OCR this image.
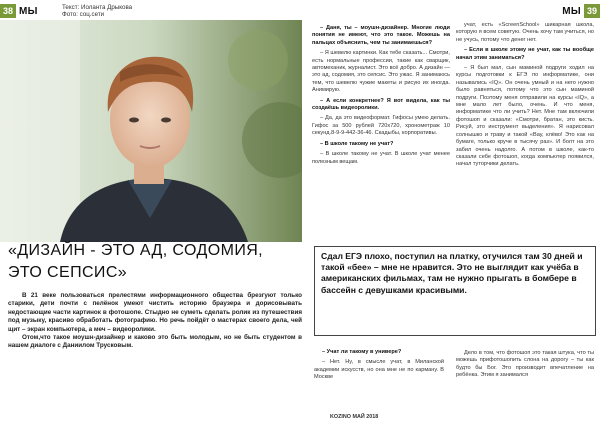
38 МЫ	Текст: Иоланта Дрыкова
Фото: соц.сети	МЫ 39
«ДИЗАЙН - ЭТО АД, СОДОМИЯ, ЭТО СЕПСИС»

В 21 веке пользоваться прелестями информационного общества брезгуют только старики, дети почти с пелёнок умеют чистить историю браузера и дорисовывать недостающие части картинок в фотошопе. Стыдно не суметь сделать ролик из путешествия под музыку, красиво обработать фотографию. Но речь пойдёт о мастерах своего дела, чей щит – экран компьютера, а меч – видеоролики.

Отом,что такое моушн-дизайнер и каково это быть молодым, но не быть студентом в нашем диалоге с Даниилом Трусковым.

– Даня, ты – моушн-дизайнер. Многие люди понятия не имеют, что это такое. Можешь на пальцах объяснить, чем ты занимаешься?

– Я шевелю картинки. Как тебе сказать... Смотри, есть нормальные профессии, такие как сварщик, автомеханик, журналист. Это всё добро. А дизайн — это ад, содомия, это сепсис. Это ужас. Я занимаюсь тем, что шевелю чужие макеты и рисую их иногда. Анимирую.

– А если конкретнее? Я вот видела, как ты создаёшь видеоролики.

– Да, да это видеоформат. Гифосы умею делать. Гифос за 500 рублей 720х720, хронометраж 10 секунд.8-9-9-442-36-46. Скадыбы, корпоративы.

– В школе такому не учат?

– В школе такому не учат. В школе учат менее полезным вещам.

учат, есть «ScreenSchool» шикарная школа, которую я всем советую. Очень хочу там учиться, но не учусь, потому что денег нет.

– Если в школе этому не учат, как ты вообще начал этим заниматься?

– Я был мал, сын маминой подруги ходил на курсы подготовки к ЕГЭ по информатике, они назывались «IQ». Он очень умный и на него нужно было равняться, потому что это сын маминой подруги. Поэтому меня отправили на курсы «IQ», а мне мало лет было, очень. И что меня, информатике что ли учить? Нет. Мне там включили фотошоп и сказали: «Смотри, братан, это кисть. Рисуй, это инструмент выделения». Я нарисовал солнышко и траву и такой «Вау, клёво! Это как на бумаге, только круче в тысячу раз». И болт на это забил очень надолго. А потом в школе, как-то сказали себе фотошоп, когда компьютер появился, начал туторчики делать.

Сдал ЕГЭ плохо, поступил на платку, отучился там 30 дней и такой «бее» – мне не нравится. Это не выглядит как учёба в американских фильмах, там не нужно прыгать в бомбере в бассейн с девушками красивыми.

– Учат ли такому в универе?

– Нет. Ну, в смысле учат, в Миланской академии искусств, но она мне не по карману. В Москве

Дело в том, что фотошоп это такая штука, что ты можешь прифотошопить слона на дорогу – ты как будто бы Бог. Это производит впечатление на ребёнка. Этим я занимался

KOZINO МАЙ 2018
